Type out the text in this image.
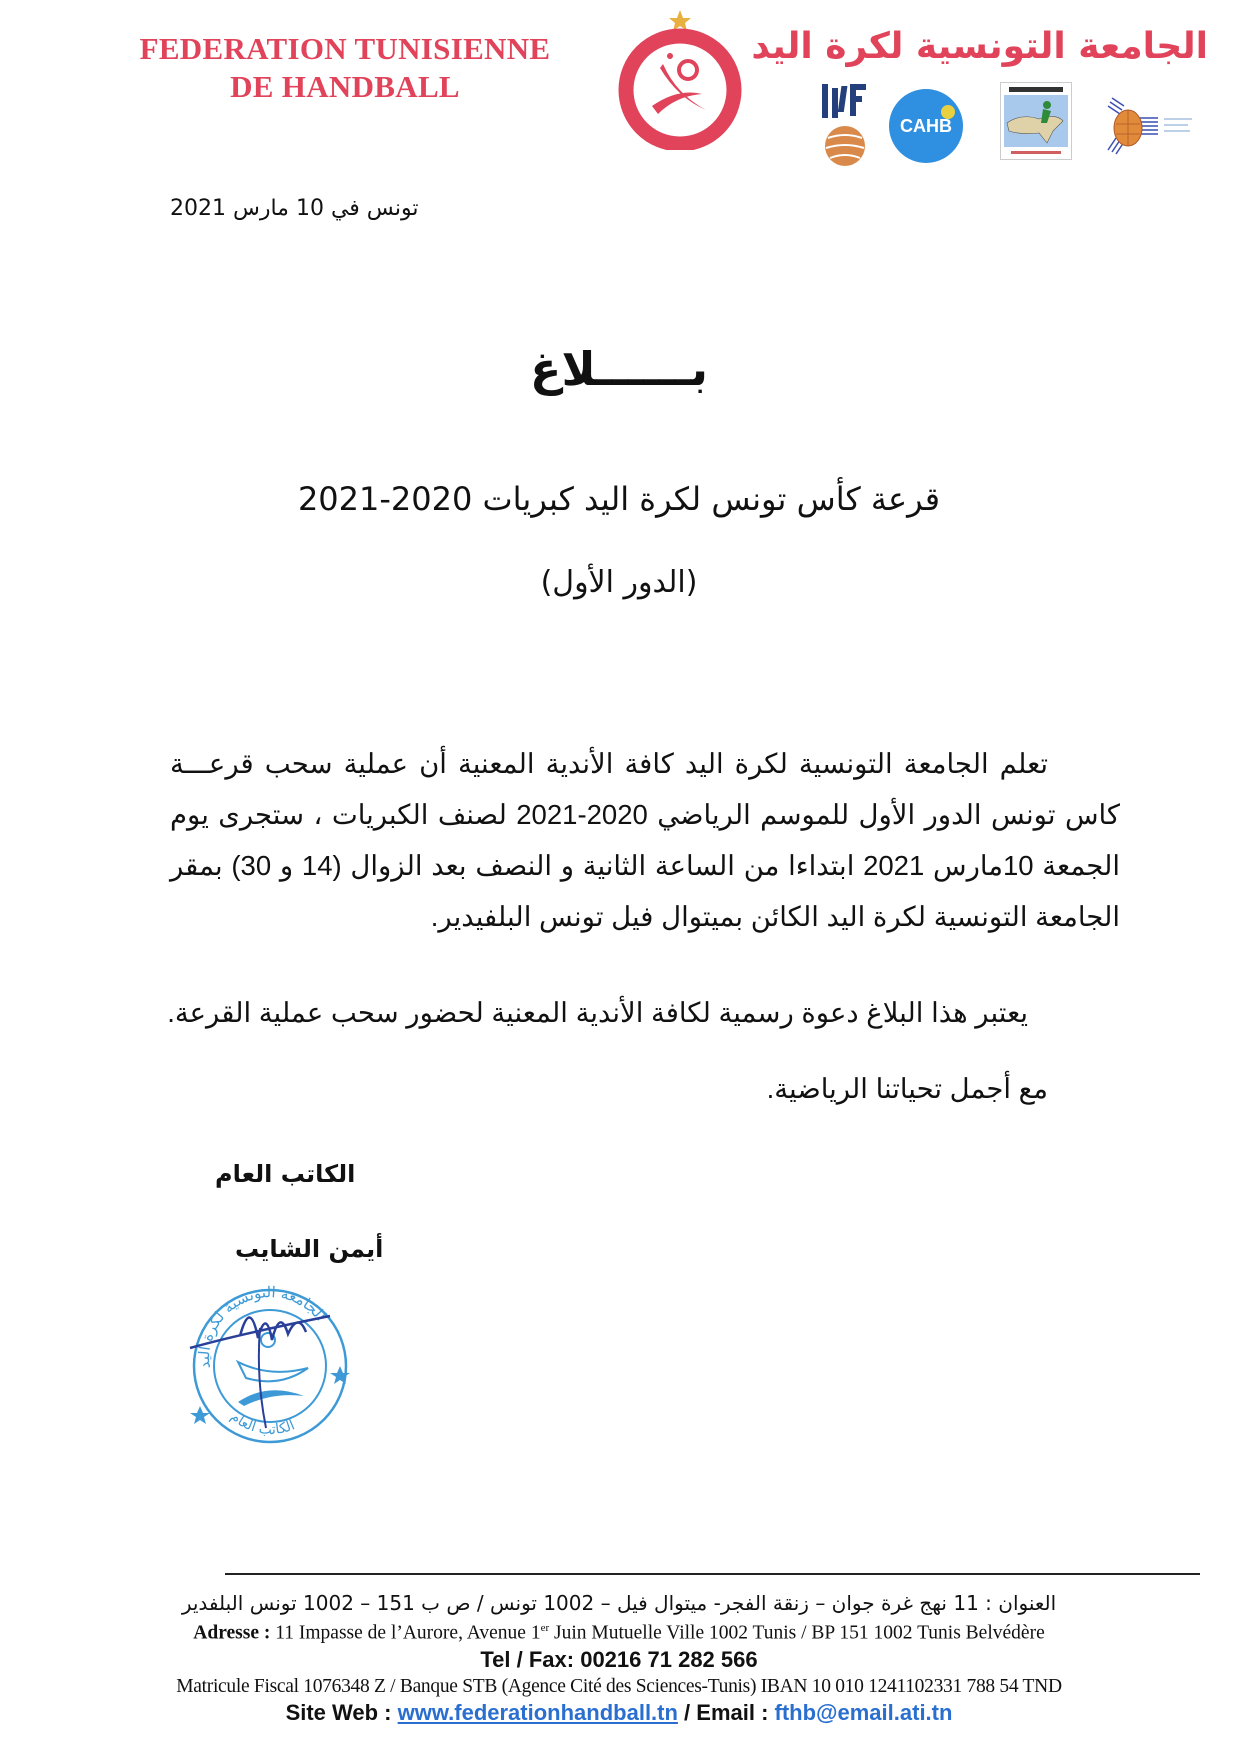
FEDERATION TUNISIENNE
DE HANDBALL
الجامعة التونسية لكرة اليد
CAHB
تونس في 10 مارس 2021
بــــــلاغ
قرعة كأس تونس لكرة اليد كبريات 2020-2021
(الدور الأول)
تعلم الجامعة التونسية لكرة اليد كافة الأندية المعنية أن عملية سحب قرعـــة كاس تونس الدور الأول للموسم الرياضي 2020-2021 لصنف الكبريات ، ستجرى يوم الجمعة 10مارس 2021 ابتداءا من الساعة الثانية و النصف بعد الزوال (14 و 30) بمقر الجامعة التونسية لكرة اليد الكائن بميتوال فيل تونس البلفيدير.
يعتبر هذا البلاغ دعوة رسمية لكافة الأندية المعنية لحضور سحب عملية القرعة.
مع أجمل تحياتنا الرياضية.
الكاتب العام
أيمن الشايب
الجامعة التونسية لكرة اليد
الكاتب العام
العنوان : 11 نهج غرة جوان – زنقة الفجر- ميتوال فيل – 1002 تونس / ص ب 151 – 1002 تونس البلفدير
Adresse : 11 Impasse de l’Aurore, Avenue 1er Juin Mutuelle Ville 1002 Tunis / BP 151 1002 Tunis Belvédère
Tel / Fax: 00216 71 282 566
Matricule Fiscal 1076348 Z / Banque STB (Agence Cité des Sciences-Tunis) IBAN 10 010 1241102331 788 54 TND
Site Web : www.federationhandball.tn / Email : fthb@email.ati.tn
